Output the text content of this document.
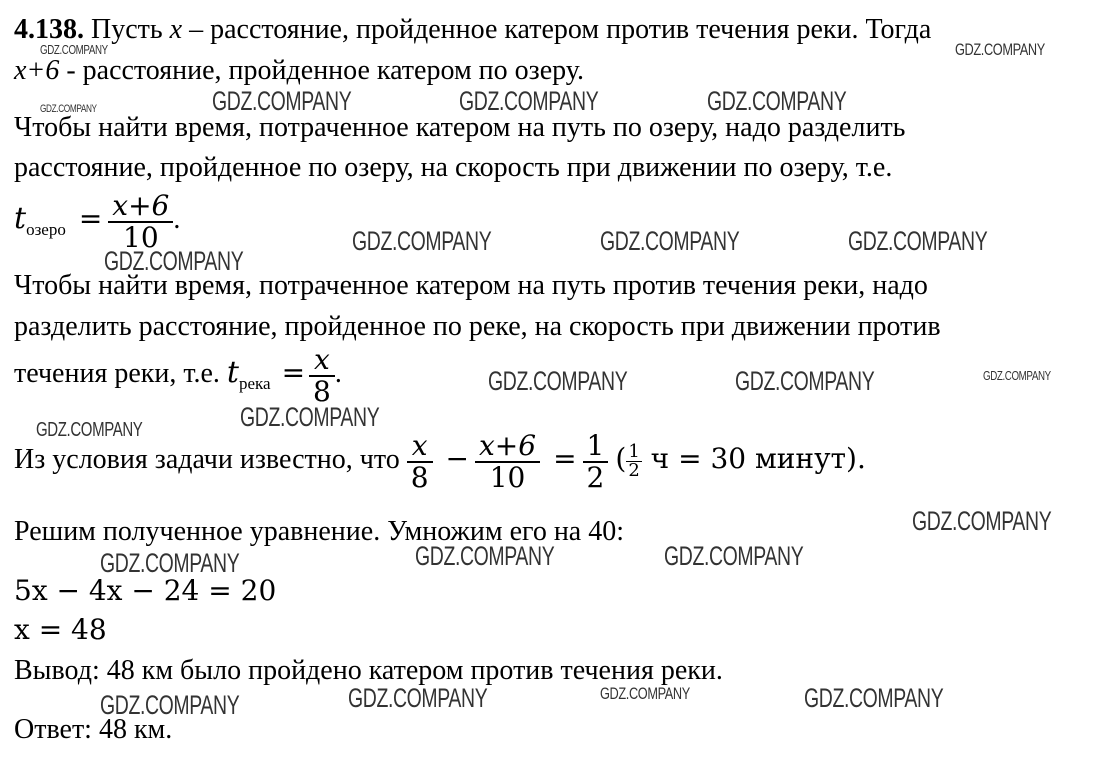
4.138. Пусть x – расстояние, пройденное катером против течения реки. Тогда
x+6 - расстояние, пройденное катером по озеру.
Чтобы найти время, потраченное катером на путь по озеру, надо разделить
расстояние, пройденное по озеру, на скорость при движении по озеру, т.е.
$t_{озеро} = \frac{x+6}{10}$ .
Чтобы найти время, потраченное катером на путь против течения реки, надо
разделить расстояние, пройденное по реке, на скорость при движении против
течения реки, т.е. $t_{река} = \frac{x}{8}$ .
Из условия задачи известно, что $\frac{x}{8} - \frac{x+6}{10} = \frac{1}{2}$ ( $\frac{1}{2}$ ч = 30 минут).
Решим полученное уравнение. Умножим его на 40:
5x − 4x − 24 = 20
x = 48
Вывод: 48 км было пройдено катером против течения реки.
Ответ: 48 км.
GDZ.COMPANY	GDZ.COMPANY
GDZ.COMPANY	GDZ.COMPANY	GDZ.COMPANY	GDZ.COMPANY
GDZ.COMPANY	GDZ.COMPANY	GDZ.COMPANY
GDZ.COMPANY
GDZ.COMPANY	GDZ.COMPANY	GDZ.COMPANY
GDZ.COMPANY
GDZ.COMPANY
GDZ.COMPANY
GDZ.COMPANY	GDZ.COMPANY	GDZ.COMPANY
GDZ.COMPANY	GDZ.COMPANY	GDZ.COMPANY	GDZ.COMPANY
